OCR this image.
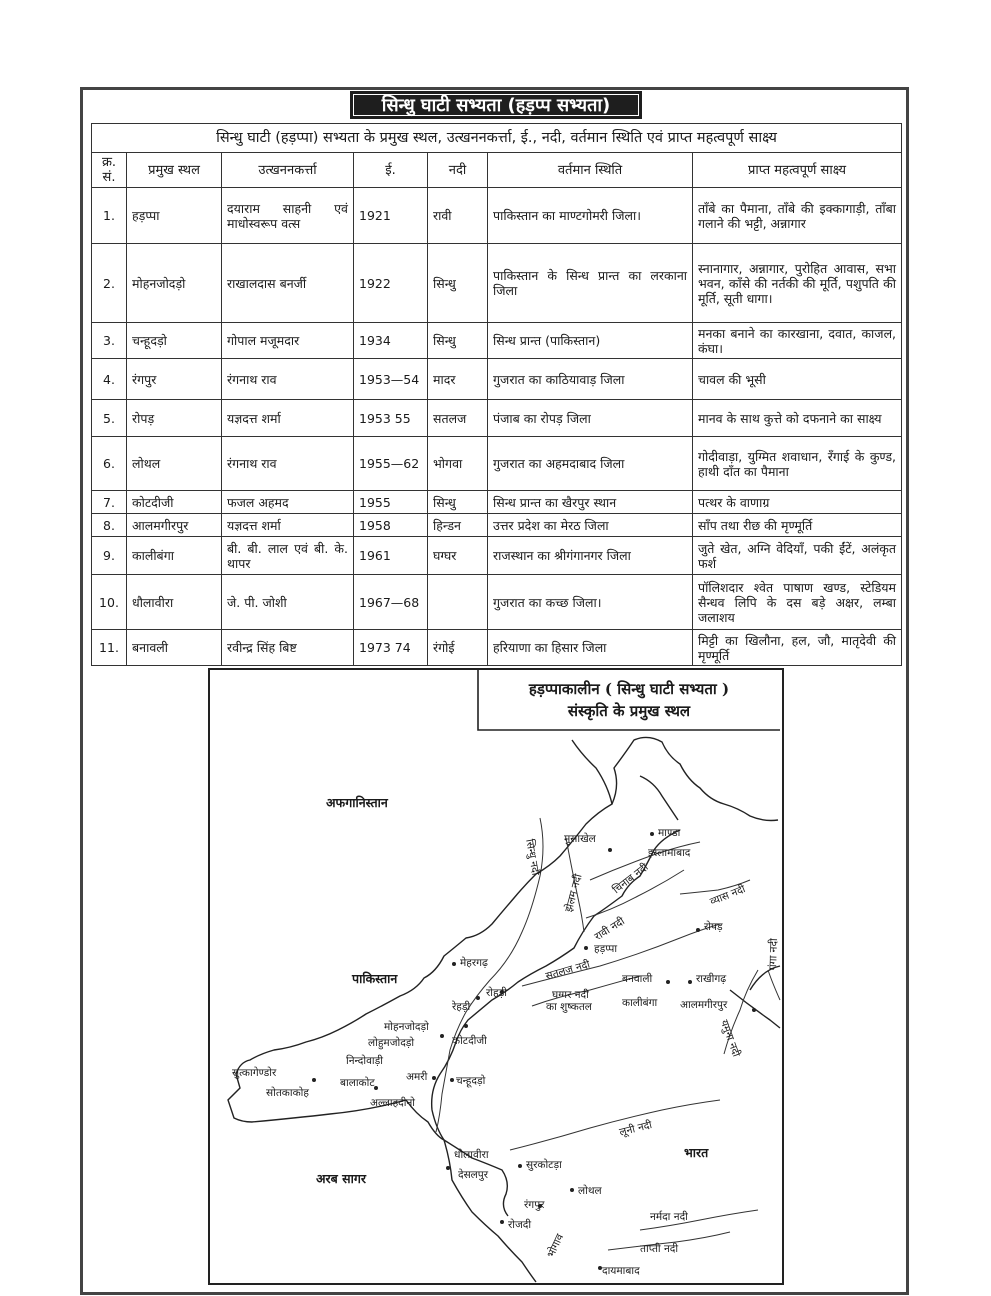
सिन्धु घाटी सभ्यता (हड़प्प सभ्यता)
सिन्धु घाटी (हड़प्पा) सभ्यता के प्रमुख स्थल, उत्खननकर्त्ता, ई., नदी, वर्तमान स्थिति एवं प्राप्त महत्वपूर्ण साक्ष्य						
क्र. सं.	प्रमुख स्थल	उत्खननकर्त्ता	ई.	नदी	वर्तमान स्थिति	प्राप्त महत्वपूर्ण साक्ष्य
1.	हड़प्पा	दयाराम साहनी एवं माधोस्वरूप वत्स	1921	रावी	पाकिस्तान का माण्टगोमरी जिला।	ताँबे का पैमाना, ताँबे की इक्कागाड़ी, ताँबा गलाने की भट्टी, अन्नागार
2.	मोहनजोदड़ो	राखालदास बनर्जी	1922	सिन्धु	पाकिस्तान के सिन्ध प्रान्त का लरकाना जिला	स्नानागार, अन्नागार, पुरोहित आवास, सभा भवन, काँसे की नर्तकी की मूर्ति, पशुपति की मूर्ति, सूती धागा।
3.	चन्हूदड़ो	गोपाल मजूमदार	1934	सिन्धु	सिन्ध प्रान्त (पाकिस्तान)	मनका बनाने का कारखाना, दवात, काजल, कंघा।
4.	रंगपुर	रंगनाथ राव	1953—54	मादर	गुजरात का काठियावाड़ जिला	चावल की भूसी
5.	रोपड़	यज्ञदत्त शर्मा	1953 55	सतलज	पंजाब का रोपड़ जिला	मानव के साथ कुत्ते को दफनाने का साक्ष्य
6.	लोथल	रंगनाथ राव	1955—62	भोगवा	गुजरात का अहमदाबाद जिला	गोदीवाड़ा, युग्मित शवाधान, रँगाई के कुण्ड, हाथी दाँत का पैमाना
7.	कोटदीजी	फजल अहमद	1955	सिन्धु	सिन्ध प्रान्त का खैरपुर स्थान	पत्थर के वाणाग्र
8.	आलमगीरपुर	यज्ञदत्त शर्मा	1958	हिन्डन	उत्तर प्रदेश का मेरठ जिला	साँप तथा रीछ की मृण्मूर्ति
9.	कालीबंगा	बी. बी. लाल एवं बी. के. थापर	1961	घग्घर	राजस्थान का श्रीगंगानगर जिला	जुते खेत, अग्नि वेदियाँ, पकी ईंटें, अलंकृत फर्श
10.	धौलावीरा	जे. पी. जोशी	1967—68		गुजरात का कच्छ जिला।	पॉलिशदार श्वेत पाषाण खण्ड, स्टेडियम सैन्धव लिपि के दस बड़े अक्षर, लम्बा जलाशय
11.	बनावली	रवीन्द्र सिंह बिष्ट	1973 74	रंगोई	हरियाणा का हिसार जिला	मिट्टी का खिलौना, हल, जौ, मातृदेवी की मृण्मूर्ति
हड़प्पाकालीन ( सिन्धु घाटी सभ्यता )
संस्कृति के प्रमुख स्थल
अफगानिस्तान
पाकिस्तान
भारत
अरब सागर
माण्डा
इस्लामाबाद
मुसाखेल
रोपड़
मेहरगढ़
हड़प्पा
बनवाली	राखीगढ़
आलमगीरपुर
कालीबंगा
रोहड़ी
रेहड़ी
मोहनजोदड़ो
लोहुमजोदड़ो	कोटदीजी
निन्दोवाड़ी
अमरी	चन्हूदड़ो
सुत्कागेण्डोर
बालाकोट
सोतकाकोह
अल्लाहदीनो
धौलावीरा
सुरकोटड़ा
देसलपुर
लोथल
रंगपुर
रोजदी
दायमाबाद
सिन्धु नदी
झेलम नदी चिनाब नदी
रावी नदी
व्यास नदी
सतलज नदी
घग्गर नदी
का शुष्कतल
गंगा नदी
यमुना नदी
लूनी नदी
नर्मदा नदी
ताप्ती नदी
भोगाव
